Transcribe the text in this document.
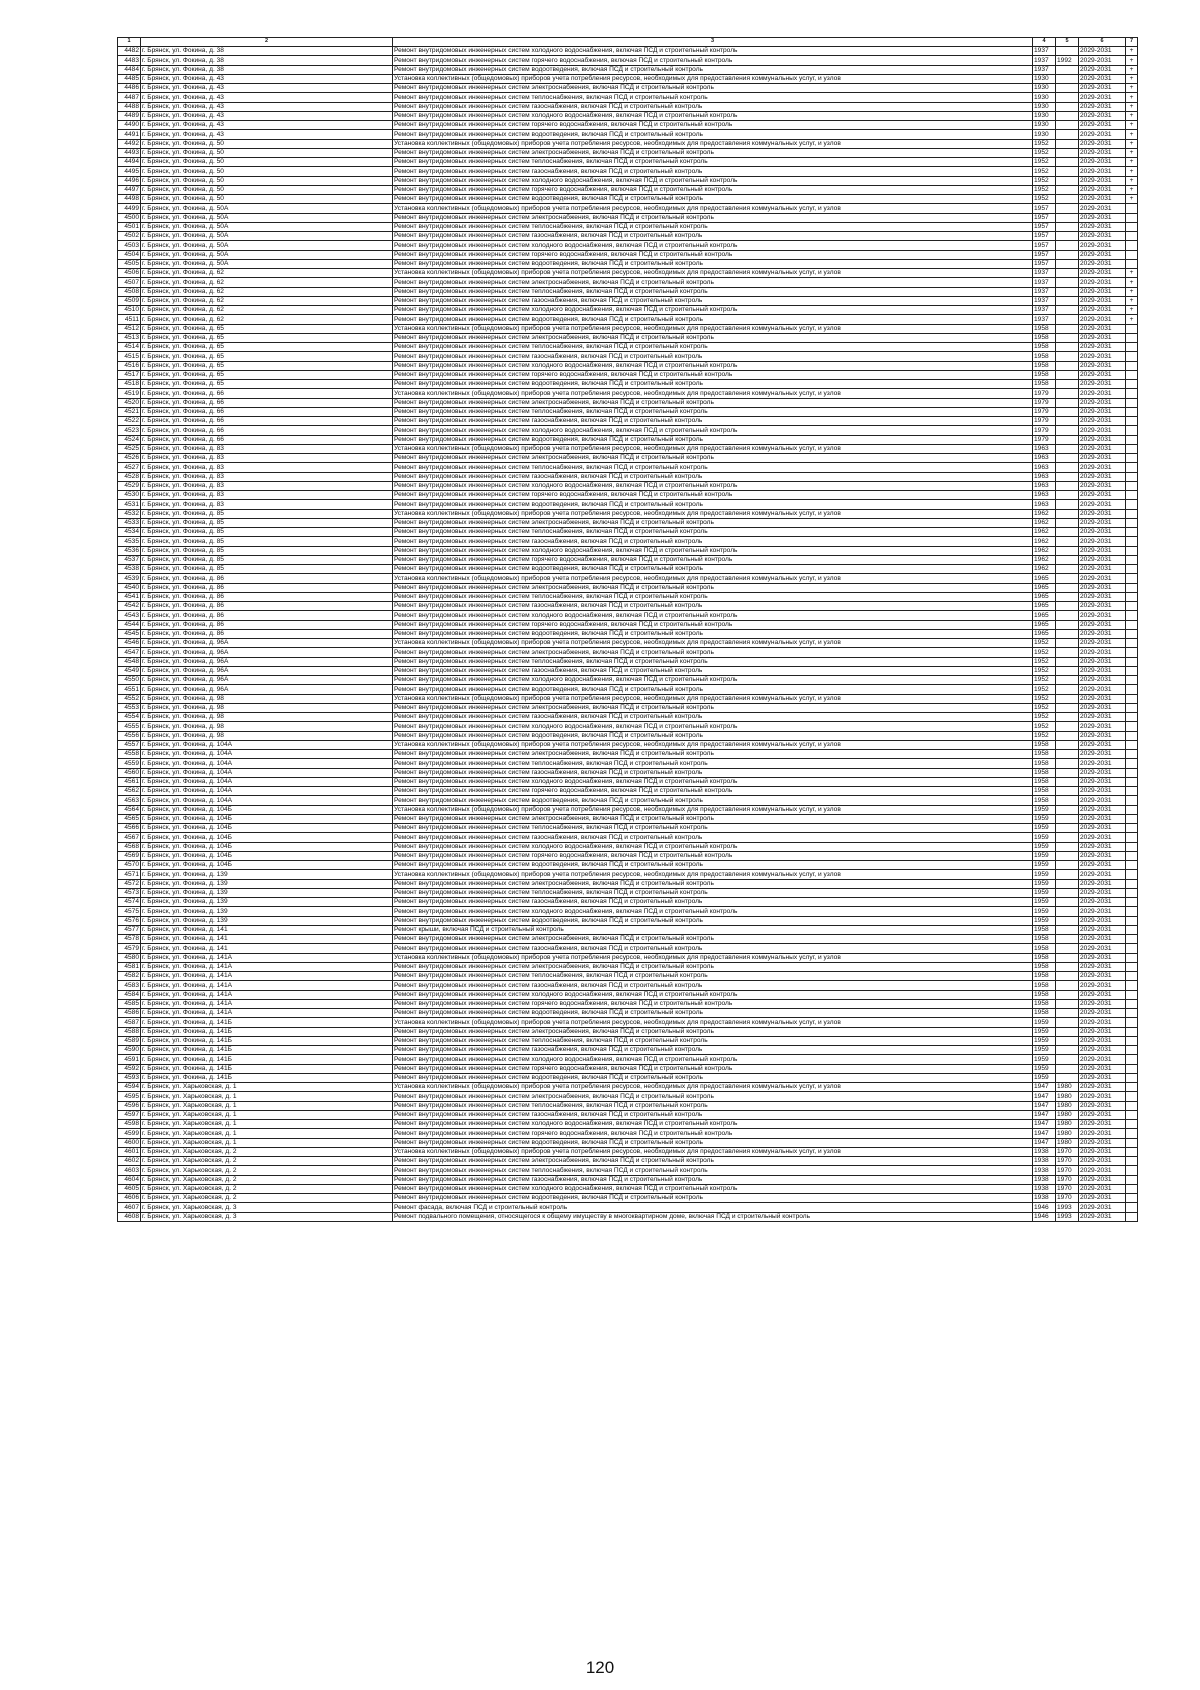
1	2	3	4	5	6	7
4482	г. Брянск, ул. Фокина, д. 38	Ремонт внутридомовых инженерных систем холодного водоснабжения, включая ПСД и строительный контроль	1937		2029-2031	+
4483	г. Брянск, ул. Фокина, д. 38	Ремонт внутридомовых инженерных систем горячего водоснабжения, включая ПСД и строительный контроль	1937	1992	2029-2031	+
4484	г. Брянск, ул. Фокина, д. 38	Ремонт внутридомовых инженерных систем водоотведения, включая ПСД и строительный контроль	1937		2029-2031	+
4485	г. Брянск, ул. Фокина, д. 43	Установка коллективных (общедомовых) приборов учета потребления ресурсов, необходимых для предоставления коммунальных услуг, и узлов	1930		2029-2031	+
4486	г. Брянск, ул. Фокина, д. 43	Ремонт внутридомовых инженерных систем электроснабжения, включая ПСД и строительный контроль	1930		2029-2031	+
4487	г. Брянск, ул. Фокина, д. 43	Ремонт внутридомовых инженерных систем теплоснабжения, включая ПСД и строительный контроль	1930		2029-2031	+
4488	г. Брянск, ул. Фокина, д. 43	Ремонт внутридомовых инженерных систем газоснабжения, включая ПСД и строительный контроль	1930		2029-2031	+
4489	г. Брянск, ул. Фокина, д. 43	Ремонт внутридомовых инженерных систем холодного водоснабжения, включая ПСД и строительный контроль	1930		2029-2031	+
4490	г. Брянск, ул. Фокина, д. 43	Ремонт внутридомовых инженерных систем горячего водоснабжения, включая ПСД и строительный контроль	1930		2029-2031	+
4491	г. Брянск, ул. Фокина, д. 43	Ремонт внутридомовых инженерных систем водоотведения, включая ПСД и строительный контроль	1930		2029-2031	+
4492	г. Брянск, ул. Фокина, д. 50	Установка коллективных (общедомовых) приборов учета потребления ресурсов, необходимых для предоставления коммунальных услуг, и узлов	1952		2029-2031	+
4493	г. Брянск, ул. Фокина, д. 50	Ремонт внутридомовых инженерных систем электроснабжения, включая ПСД и строительный контроль	1952		2029-2031	+
4494	г. Брянск, ул. Фокина, д. 50	Ремонт внутридомовых инженерных систем теплоснабжения, включая ПСД и строительный контроль	1952		2029-2031	+
4495	г. Брянск, ул. Фокина, д. 50	Ремонт внутридомовых инженерных систем газоснабжения, включая ПСД и строительный контроль	1952		2029-2031	+
4496	г. Брянск, ул. Фокина, д. 50	Ремонт внутридомовых инженерных систем холодного водоснабжения, включая ПСД и строительный контроль	1952		2029-2031	+
4497	г. Брянск, ул. Фокина, д. 50	Ремонт внутридомовых инженерных систем горячего водоснабжения, включая ПСД и строительный контроль	1952		2029-2031	+
4498	г. Брянск, ул. Фокина, д. 50	Ремонт внутридомовых инженерных систем водоотведения, включая ПСД и строительный контроль	1952		2029-2031	+
4499	г. Брянск, ул. Фокина, д. 50А	Установка коллективных (общедомовых) приборов учета потребления ресурсов, необходимых для предоставления коммунальных услуг, и узлов	1957		2029-2031	
4500	г. Брянск, ул. Фокина, д. 50А	Ремонт внутридомовых инженерных систем электроснабжения, включая ПСД и строительный контроль	1957		2029-2031	
4501	г. Брянск, ул. Фокина, д. 50А	Ремонт внутридомовых инженерных систем теплоснабжения, включая ПСД и строительный контроль	1957		2029-2031	
4502	г. Брянск, ул. Фокина, д. 50А	Ремонт внутридомовых инженерных систем газоснабжения, включая ПСД и строительный контроль	1957		2029-2031	
4503	г. Брянск, ул. Фокина, д. 50А	Ремонт внутридомовых инженерных систем холодного водоснабжения, включая ПСД и строительный контроль	1957		2029-2031	
4504	г. Брянск, ул. Фокина, д. 50А	Ремонт внутридомовых инженерных систем горячего водоснабжения, включая ПСД и строительный контроль	1957		2029-2031	
4505	г. Брянск, ул. Фокина, д. 50А	Ремонт внутридомовых инженерных систем водоотведения, включая ПСД и строительный контроль	1957		2029-2031	
4506	г. Брянск, ул. Фокина, д. 62	Установка коллективных (общедомовых) приборов учета потребления ресурсов, необходимых для предоставления коммунальных услуг, и узлов	1937		2029-2031	+
4507	г. Брянск, ул. Фокина, д. 62	Ремонт внутридомовых инженерных систем электроснабжения, включая ПСД и строительный контроль	1937		2029-2031	+
4508	г. Брянск, ул. Фокина, д. 62	Ремонт внутридомовых инженерных систем теплоснабжения, включая ПСД и строительный контроль	1937		2029-2031	+
4509	г. Брянск, ул. Фокина, д. 62	Ремонт внутридомовых инженерных систем газоснабжения, включая ПСД и строительный контроль	1937		2029-2031	+
4510	г. Брянск, ул. Фокина, д. 62	Ремонт внутридомовых инженерных систем холодного водоснабжения, включая ПСД и строительный контроль	1937		2029-2031	+
4511	г. Брянск, ул. Фокина, д. 62	Ремонт внутридомовых инженерных систем водоотведения, включая ПСД и строительный контроль	1937		2029-2031	+
4512	г. Брянск, ул. Фокина, д. 65	Установка коллективных (общедомовых) приборов учета потребления ресурсов, необходимых для предоставления коммунальных услуг, и узлов	1958		2029-2031	
4513	г. Брянск, ул. Фокина, д. 65	Ремонт внутридомовых инженерных систем электроснабжения, включая ПСД и строительный контроль	1958		2029-2031	
4514	г. Брянск, ул. Фокина, д. 65	Ремонт внутридомовых инженерных систем теплоснабжения, включая ПСД и строительный контроль	1958		2029-2031	
4515	г. Брянск, ул. Фокина, д. 65	Ремонт внутридомовых инженерных систем газоснабжения, включая ПСД и строительный контроль	1958		2029-2031	
4516	г. Брянск, ул. Фокина, д. 65	Ремонт внутридомовых инженерных систем холодного водоснабжения, включая ПСД и строительный контроль	1958		2029-2031	
4517	г. Брянск, ул. Фокина, д. 65	Ремонт внутридомовых инженерных систем горячего водоснабжения, включая ПСД и строительный контроль	1958		2029-2031	
4518	г. Брянск, ул. Фокина, д. 65	Ремонт внутридомовых инженерных систем водоотведения, включая ПСД и строительный контроль	1958		2029-2031	
4519	г. Брянск, ул. Фокина, д. 66	Установка коллективных (общедомовых) приборов учета потребления ресурсов, необходимых для предоставления коммунальных услуг, и узлов	1979		2029-2031	
4520	г. Брянск, ул. Фокина, д. 66	Ремонт внутридомовых инженерных систем электроснабжения, включая ПСД и строительный контроль	1979		2029-2031	
4521	г. Брянск, ул. Фокина, д. 66	Ремонт внутридомовых инженерных систем теплоснабжения, включая ПСД и строительный контроль	1979		2029-2031	
4522	г. Брянск, ул. Фокина, д. 66	Ремонт внутридомовых инженерных систем газоснабжения, включая ПСД и строительный контроль	1979		2029-2031	
4523	г. Брянск, ул. Фокина, д. 66	Ремонт внутридомовых инженерных систем холодного водоснабжения, включая ПСД и строительный контроль	1979		2029-2031	
4524	г. Брянск, ул. Фокина, д. 66	Ремонт внутридомовых инженерных систем водоотведения, включая ПСД и строительный контроль	1979		2029-2031	
4525	г. Брянск, ул. Фокина, д. 83	Установка коллективных (общедомовых) приборов учета потребления ресурсов, необходимых для предоставления коммунальных услуг, и узлов	1963		2029-2031	
4526	г. Брянск, ул. Фокина, д. 83	Ремонт внутридомовых инженерных систем электроснабжения, включая ПСД и строительный контроль	1963		2029-2031	
4527	г. Брянск, ул. Фокина, д. 83	Ремонт внутридомовых инженерных систем теплоснабжения, включая ПСД и строительный контроль	1963		2029-2031	
4528	г. Брянск, ул. Фокина, д. 83	Ремонт внутридомовых инженерных систем газоснабжения, включая ПСД и строительный контроль	1963		2029-2031	
4529	г. Брянск, ул. Фокина, д. 83	Ремонт внутридомовых инженерных систем холодного водоснабжения, включая ПСД и строительный контроль	1963		2029-2031	
4530	г. Брянск, ул. Фокина, д. 83	Ремонт внутридомовых инженерных систем горячего водоснабжения, включая ПСД и строительный контроль	1963		2029-2031	
4531	г. Брянск, ул. Фокина, д. 83	Ремонт внутридомовых инженерных систем водоотведения, включая ПСД и строительный контроль	1963		2029-2031	
4532	г. Брянск, ул. Фокина, д. 85	Установка коллективных (общедомовых) приборов учета потребления ресурсов, необходимых для предоставления коммунальных услуг, и узлов	1962		2029-2031	
4533	г. Брянск, ул. Фокина, д. 85	Ремонт внутридомовых инженерных систем электроснабжения, включая ПСД и строительный контроль	1962		2029-2031	
4534	г. Брянск, ул. Фокина, д. 85	Ремонт внутридомовых инженерных систем теплоснабжения, включая ПСД и строительный контроль	1962		2029-2031	
4535	г. Брянск, ул. Фокина, д. 85	Ремонт внутридомовых инженерных систем газоснабжения, включая ПСД и строительный контроль	1962		2029-2031	
4536	г. Брянск, ул. Фокина, д. 85	Ремонт внутридомовых инженерных систем холодного водоснабжения, включая ПСД и строительный контроль	1962		2029-2031	
4537	г. Брянск, ул. Фокина, д. 85	Ремонт внутридомовых инженерных систем горячего водоснабжения, включая ПСД и строительный контроль	1962		2029-2031	
4538	г. Брянск, ул. Фокина, д. 85	Ремонт внутридомовых инженерных систем водоотведения, включая ПСД и строительный контроль	1962		2029-2031	
4539	г. Брянск, ул. Фокина, д. 86	Установка коллективных (общедомовых) приборов учета потребления ресурсов, необходимых для предоставления коммунальных услуг, и узлов	1965		2029-2031	
4540	г. Брянск, ул. Фокина, д. 86	Ремонт внутридомовых инженерных систем электроснабжения, включая ПСД и строительный контроль	1965		2029-2031	
4541	г. Брянск, ул. Фокина, д. 86	Ремонт внутридомовых инженерных систем теплоснабжения, включая ПСД и строительный контроль	1965		2029-2031	
4542	г. Брянск, ул. Фокина, д. 86	Ремонт внутридомовых инженерных систем газоснабжения, включая ПСД и строительный контроль	1965		2029-2031	
4543	г. Брянск, ул. Фокина, д. 86	Ремонт внутридомовых инженерных систем холодного водоснабжения, включая ПСД и строительный контроль	1965		2029-2031	
4544	г. Брянск, ул. Фокина, д. 86	Ремонт внутридомовых инженерных систем горячего водоснабжения, включая ПСД и строительный контроль	1965		2029-2031	
4545	г. Брянск, ул. Фокина, д. 86	Ремонт внутридомовых инженерных систем водоотведения, включая ПСД и строительный контроль	1965		2029-2031	
4546	г. Брянск, ул. Фокина, д. 96А	Установка коллективных (общедомовых) приборов учета потребления ресурсов, необходимых для предоставления коммунальных услуг, и узлов	1952		2029-2031	
4547	г. Брянск, ул. Фокина, д. 96А	Ремонт внутридомовых инженерных систем электроснабжения, включая ПСД и строительный контроль	1952		2029-2031	
4548	г. Брянск, ул. Фокина, д. 96А	Ремонт внутридомовых инженерных систем теплоснабжения, включая ПСД и строительный контроль	1952		2029-2031	
4549	г. Брянск, ул. Фокина, д. 96А	Ремонт внутридомовых инженерных систем газоснабжения, включая ПСД и строительный контроль	1952		2029-2031	
4550	г. Брянск, ул. Фокина, д. 96А	Ремонт внутридомовых инженерных систем холодного водоснабжения, включая ПСД и строительный контроль	1952		2029-2031	
4551	г. Брянск, ул. Фокина, д. 96А	Ремонт внутридомовых инженерных систем водоотведения, включая ПСД и строительный контроль	1952		2029-2031	
4552	г. Брянск, ул. Фокина, д. 98	Установка коллективных (общедомовых) приборов учета потребления ресурсов, необходимых для предоставления коммунальных услуг, и узлов	1952		2029-2031	
4553	г. Брянск, ул. Фокина, д. 98	Ремонт внутридомовых инженерных систем электроснабжения, включая ПСД и строительный контроль	1952		2029-2031	
4554	г. Брянск, ул. Фокина, д. 98	Ремонт внутридомовых инженерных систем газоснабжения, включая ПСД и строительный контроль	1952		2029-2031	
4555	г. Брянск, ул. Фокина, д. 98	Ремонт внутридомовых инженерных систем холодного водоснабжения, включая ПСД и строительный контроль	1952		2029-2031	
4556	г. Брянск, ул. Фокина, д. 98	Ремонт внутридомовых инженерных систем водоотведения, включая ПСД и строительный контроль	1952		2029-2031	
4557	г. Брянск, ул. Фокина, д. 104А	Установка коллективных (общедомовых) приборов учета потребления ресурсов, необходимых для предоставления коммунальных услуг, и узлов	1958		2029-2031	
4558	г. Брянск, ул. Фокина, д. 104А	Ремонт внутридомовых инженерных систем электроснабжения, включая ПСД и строительный контроль	1958		2029-2031	
4559	г. Брянск, ул. Фокина, д. 104А	Ремонт внутридомовых инженерных систем теплоснабжения, включая ПСД и строительный контроль	1958		2029-2031	
4560	г. Брянск, ул. Фокина, д. 104А	Ремонт внутридомовых инженерных систем газоснабжения, включая ПСД и строительный контроль	1958		2029-2031	
4561	г. Брянск, ул. Фокина, д. 104А	Ремонт внутридомовых инженерных систем холодного водоснабжения, включая ПСД и строительный контроль	1958		2029-2031	
4562	г. Брянск, ул. Фокина, д. 104А	Ремонт внутридомовых инженерных систем горячего водоснабжения, включая ПСД и строительный контроль	1958		2029-2031	
4563	г. Брянск, ул. Фокина, д. 104А	Ремонт внутридомовых инженерных систем водоотведения, включая ПСД и строительный контроль	1958		2029-2031	
4564	г. Брянск, ул. Фокина, д. 104Б	Установка коллективных (общедомовых) приборов учета потребления ресурсов, необходимых для предоставления коммунальных услуг, и узлов	1959		2029-2031	
4565	г. Брянск, ул. Фокина, д. 104Б	Ремонт внутридомовых инженерных систем электроснабжения, включая ПСД и строительный контроль	1959		2029-2031	
4566	г. Брянск, ул. Фокина, д. 104Б	Ремонт внутридомовых инженерных систем теплоснабжения, включая ПСД и строительный контроль	1959		2029-2031	
4567	г. Брянск, ул. Фокина, д. 104Б	Ремонт внутридомовых инженерных систем газоснабжения, включая ПСД и строительный контроль	1959		2029-2031	
4568	г. Брянск, ул. Фокина, д. 104Б	Ремонт внутридомовых инженерных систем холодного водоснабжения, включая ПСД и строительный контроль	1959		2029-2031	
4569	г. Брянск, ул. Фокина, д. 104Б	Ремонт внутридомовых инженерных систем горячего водоснабжения, включая ПСД и строительный контроль	1959		2029-2031	
4570	г. Брянск, ул. Фокина, д. 104Б	Ремонт внутридомовых инженерных систем водоотведения, включая ПСД и строительный контроль	1959		2029-2031	
4571	г. Брянск, ул. Фокина, д. 139	Установка коллективных (общедомовых) приборов учета потребления ресурсов, необходимых для предоставления коммунальных услуг, и узлов	1959		2029-2031	
4572	г. Брянск, ул. Фокина, д. 139	Ремонт внутридомовых инженерных систем электроснабжения, включая ПСД и строительный контроль	1959		2029-2031	
4573	г. Брянск, ул. Фокина, д. 139	Ремонт внутридомовых инженерных систем теплоснабжения, включая ПСД и строительный контроль	1959		2029-2031	
4574	г. Брянск, ул. Фокина, д. 139	Ремонт внутридомовых инженерных систем газоснабжения, включая ПСД и строительный контроль	1959		2029-2031	
4575	г. Брянск, ул. Фокина, д. 139	Ремонт внутридомовых инженерных систем холодного водоснабжения, включая ПСД и строительный контроль	1959		2029-2031	
4576	г. Брянск, ул. Фокина, д. 139	Ремонт внутридомовых инженерных систем водоотведения, включая ПСД и строительный контроль	1959		2029-2031	
4577	г. Брянск, ул. Фокина, д. 141	Ремонт крыши, включая ПСД и строительный контроль	1958		2029-2031	
4578	г. Брянск, ул. Фокина, д. 141	Ремонт внутридомовых инженерных систем электроснабжения, включая ПСД и строительный контроль	1958		2029-2031	
4579	г. Брянск, ул. Фокина, д. 141	Ремонт внутридомовых инженерных систем газоснабжения, включая ПСД и строительный контроль	1958		2029-2031	
4580	г. Брянск, ул. Фокина, д. 141А	Установка коллективных (общедомовых) приборов учета потребления ресурсов, необходимых для предоставления коммунальных услуг, и узлов	1958		2029-2031	
4581	г. Брянск, ул. Фокина, д. 141А	Ремонт внутридомовых инженерных систем электроснабжения, включая ПСД и строительный контроль	1958		2029-2031	
4582	г. Брянск, ул. Фокина, д. 141А	Ремонт внутридомовых инженерных систем теплоснабжения, включая ПСД и строительный контроль	1958		2029-2031	
4583	г. Брянск, ул. Фокина, д. 141А	Ремонт внутридомовых инженерных систем газоснабжения, включая ПСД и строительный контроль	1958		2029-2031	
4584	г. Брянск, ул. Фокина, д. 141А	Ремонт внутридомовых инженерных систем холодного водоснабжения, включая ПСД и строительный контроль	1958		2029-2031	
4585	г. Брянск, ул. Фокина, д. 141А	Ремонт внутридомовых инженерных систем горячего водоснабжения, включая ПСД и строительный контроль	1958		2029-2031	
4586	г. Брянск, ул. Фокина, д. 141А	Ремонт внутридомовых инженерных систем водоотведения, включая ПСД и строительный контроль	1958		2029-2031	
4587	г. Брянск, ул. Фокина, д. 141Б	Установка коллективных (общедомовых) приборов учета потребления ресурсов, необходимых для предоставления коммунальных услуг, и узлов	1959		2029-2031	
4588	г. Брянск, ул. Фокина, д. 141Б	Ремонт внутридомовых инженерных систем электроснабжения, включая ПСД и строительный контроль	1959		2029-2031	
4589	г. Брянск, ул. Фокина, д. 141Б	Ремонт внутридомовых инженерных систем теплоснабжения, включая ПСД и строительный контроль	1959		2029-2031	
4590	г. Брянск, ул. Фокина, д. 141Б	Ремонт внутридомовых инженерных систем газоснабжения, включая ПСД и строительный контроль	1959		2029-2031	
4591	г. Брянск, ул. Фокина, д. 141Б	Ремонт внутридомовых инженерных систем холодного водоснабжения, включая ПСД и строительный контроль	1959		2029-2031	
4592	г. Брянск, ул. Фокина, д. 141Б	Ремонт внутридомовых инженерных систем горячего водоснабжения, включая ПСД и строительный контроль	1959		2029-2031	
4593	г. Брянск, ул. Фокина, д. 141Б	Ремонт внутридомовых инженерных систем водоотведения, включая ПСД и строительный контроль	1959		2029-2031	
4594	г. Брянск, ул. Харьковская, д. 1	Установка коллективных (общедомовых) приборов учета потребления ресурсов, необходимых для предоставления коммунальных услуг, и узлов	1947	1980	2029-2031	
4595	г. Брянск, ул. Харьковская, д. 1	Ремонт внутридомовых инженерных систем электроснабжения, включая ПСД и строительный контроль	1947	1980	2029-2031	
4596	г. Брянск, ул. Харьковская, д. 1	Ремонт внутридомовых инженерных систем теплоснабжения, включая ПСД и строительный контроль	1947	1980	2029-2031	
4597	г. Брянск, ул. Харьковская, д. 1	Ремонт внутридомовых инженерных систем газоснабжения, включая ПСД и строительный контроль	1947	1980	2029-2031	
4598	г. Брянск, ул. Харьковская, д. 1	Ремонт внутридомовых инженерных систем холодного водоснабжения, включая ПСД и строительный контроль	1947	1980	2029-2031	
4599	г. Брянск, ул. Харьковская, д. 1	Ремонт внутридомовых инженерных систем горячего водоснабжения, включая ПСД и строительный контроль	1947	1980	2029-2031	
4600	г. Брянск, ул. Харьковская, д. 1	Ремонт внутридомовых инженерных систем водоотведения, включая ПСД и строительный контроль	1947	1980	2029-2031	
4601	г. Брянск, ул. Харьковская, д. 2	Установка коллективных (общедомовых) приборов учета потребления ресурсов, необходимых для предоставления коммунальных услуг, и узлов	1938	1970	2029-2031	
4602	г. Брянск, ул. Харьковская, д. 2	Ремонт внутридомовых инженерных систем электроснабжения, включая ПСД и строительный контроль	1938	1970	2029-2031	
4603	г. Брянск, ул. Харьковская, д. 2	Ремонт внутридомовых инженерных систем теплоснабжения, включая ПСД и строительный контроль	1938	1970	2029-2031	
4604	г. Брянск, ул. Харьковская, д. 2	Ремонт внутридомовых инженерных систем газоснабжения, включая ПСД и строительный контроль	1938	1970	2029-2031	
4605	г. Брянск, ул. Харьковская, д. 2	Ремонт внутридомовых инженерных систем холодного водоснабжения, включая ПСД и строительный контроль	1938	1970	2029-2031	
4606	г. Брянск, ул. Харьковская, д. 2	Ремонт внутридомовых инженерных систем водоотведения, включая ПСД и строительный контроль	1938	1970	2029-2031	
4607	г. Брянск, ул. Харьковская, д. 3	Ремонт фасада, включая ПСД и строительный контроль	1946	1993	2029-2031	
4608	г. Брянск, ул. Харьковская, д. 3	Ремонт подвального помещения, относящегося к общему имуществу в многоквартирном доме, включая ПСД и строительный контроль	1946	1993	2029-2031	
120
